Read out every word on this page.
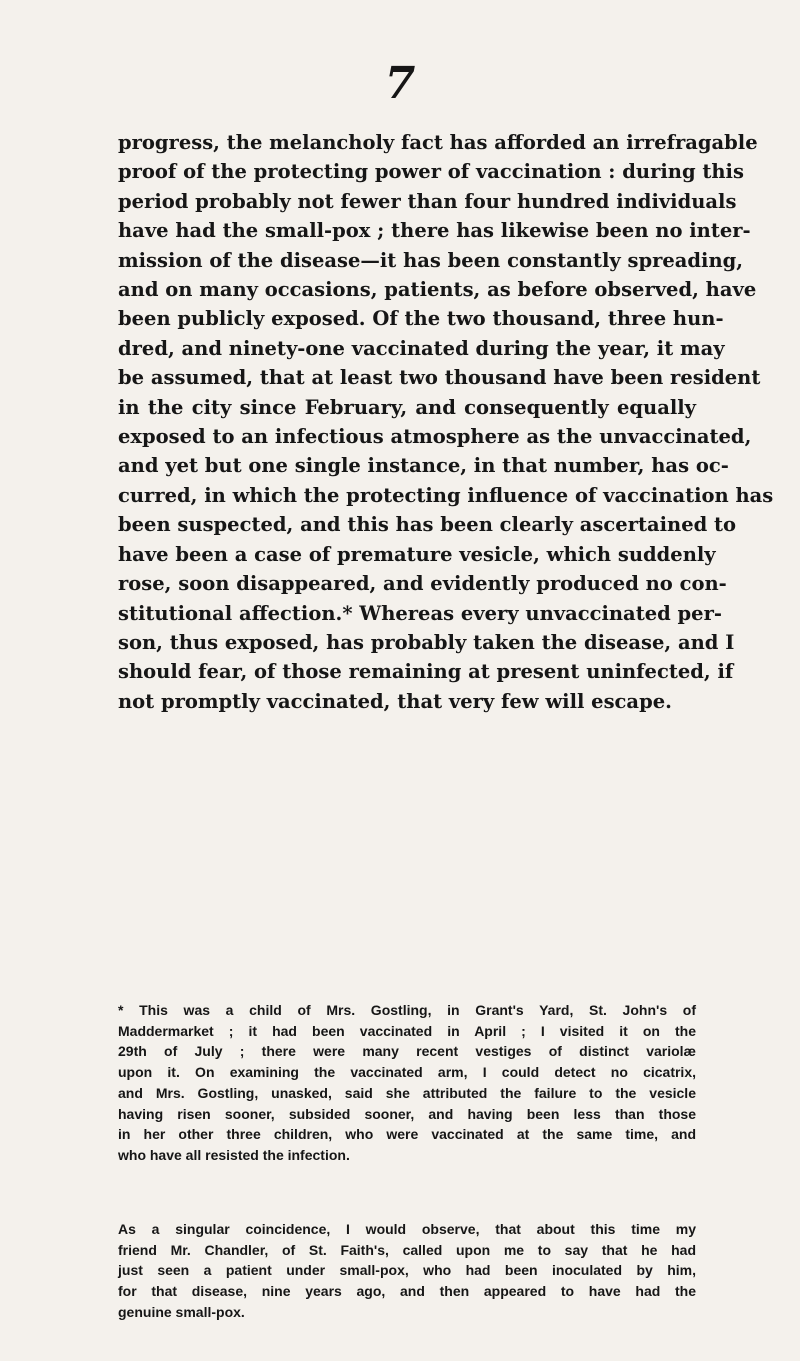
7
progress, the melancholy fact has afforded an irrefragable
proof of the protecting power of vaccination : during this
period probably not fewer than four hundred individuals
have had the small-pox ; there has likewise been no inter-
mission of the disease—it has been constantly spreading,
and on many occasions, patients, as before observed, have
been publicly exposed. Of the two thousand, three hun-
dred, and ninety-one vaccinated during the year, it may
be assumed, that at least two thousand have been resident
in the city since February, and consequently equally
exposed to an infectious atmosphere as the unvaccinated,
and yet but one single instance, in that number, has oc-
curred, in which the protecting influence of vaccination has
been suspected, and this has been clearly ascertained to
have been a case of premature vesicle, which suddenly
rose, soon disappeared, and evidently produced no con-
stitutional affection.* Whereas every unvaccinated per-
son, thus exposed, has probably taken the disease, and I
should fear, of those remaining at present uninfected, if
not promptly vaccinated, that very few will escape.
* This was a child of Mrs. Gostling, in Grant's Yard, St. John's of
Maddermarket ; it had been vaccinated in April ; I visited it on the
29th of July ; there were many recent vestiges of distinct variolæ
upon it. On examining the vaccinated arm, I could detect no cicatrix,
and Mrs. Gostling, unasked, said she attributed the failure to the vesicle
having risen sooner, subsided sooner, and having been less than those
in her other three children, who were vaccinated at the same time, and
who have all resisted the infection.
As a singular coincidence, I would observe, that about this time my
friend Mr. Chandler, of St. Faith's, called upon me to say that he had
just seen a patient under small-pox, who had been inoculated by him,
for that disease, nine years ago, and then appeared to have had the
genuine small-pox.
